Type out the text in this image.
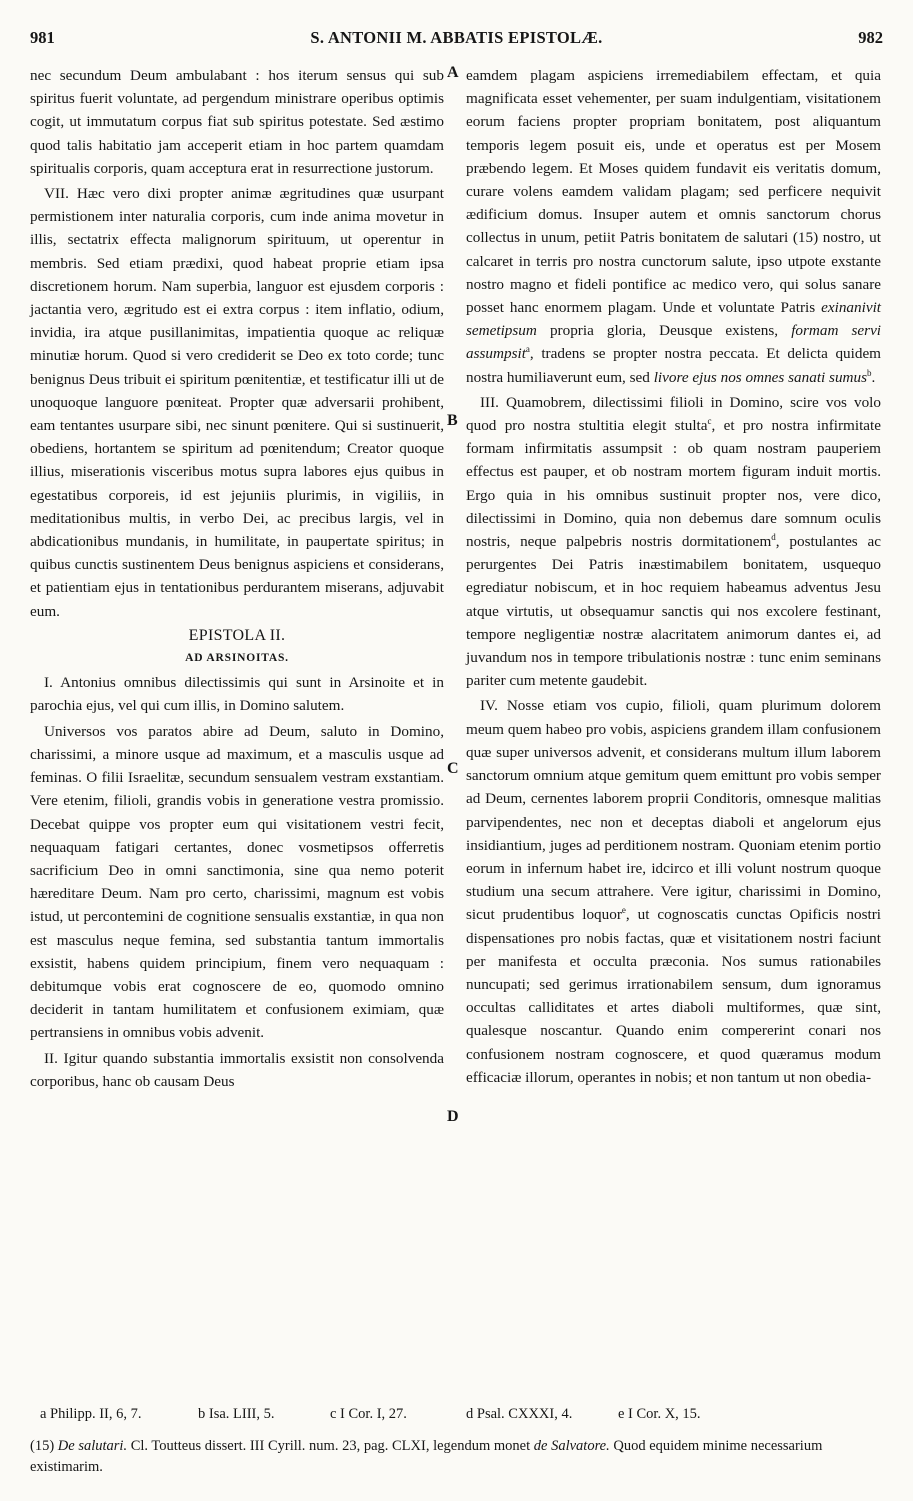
981	S. ANTONII M. ABBATIS EPISTOLÆ.	982
A
B
C
D

nec secundum Deum ambulabant : hos iterum sensus qui sub spiritus fuerit voluntate, ad pergendum ministrare operibus optimis cogit, ut immutatum corpus fiat sub spiritus potestate. Sed æstimo quod talis habitatio jam acceperit etiam in hoc partem quamdam spiritualis corporis, quam acceptura erat in resurrectione justorum.

VII. Hæc vero dixi propter animæ ægritudines quæ usurpant permistionem inter naturalia corporis, cum inde anima movetur in illis, sectatrix effecta malignorum spirituum, ut operentur in membris. Sed etiam prædixi, quod habeat proprie etiam ipsa discretionem horum. Nam superbia, languor est ejusdem corporis : jactantia vero, ægritudo est ei extra corpus : item inflatio, odium, invidia, ira atque pusillanimitas, impatientia quoque ac reliquæ minutiæ horum. Quod si vero crediderit se Deo ex toto corde; tunc benignus Deus tribuit ei spiritum pœnitentiæ, et testificatur illi ut de unoquoque languore pœniteat. Propter quæ adversarii prohibent, eam tentantes usurpare sibi, nec sinunt pœnitere. Qui si sustinuerit, obediens, hortantem se spiritum ad pœnitendum; Creator quoque illius, miserationis visceribus motus supra labores ejus quibus in egestatibus corporeis, id est jejuniis plurimis, in vigiliis, in meditationibus multis, in verbo Dei, ac precibus largis, vel in abdicationibus mundanis, in humilitate, in paupertate spiritus; in quibus cunctis sustinentem Deus benignus aspiciens et considerans, et patientiam ejus in tentationibus perdurantem miserans, adjuvabit eum.

EPISTOLA II.
AD ARSINOITAS.

I. Antonius omnibus dilectissimis qui sunt in Arsinoite et in parochia ejus, vel qui cum illis, in Domino salutem.

Universos vos paratos abire ad Deum, saluto in Domino, charissimi, a minore usque ad maximum, et a masculis usque ad feminas. O filii Israelitæ, secundum sensualem vestram exstantiam. Vere etenim, filioli, grandis vobis in generatione vestra promissio. Decebat quippe vos propter eum qui visitationem vestri fecit, nequaquam fatigari certantes, donec vosmetipsos offerretis sacrificium Deo in omni sanctimonia, sine qua nemo poterit hæreditare Deum. Nam pro certo, charissimi, magnum est vobis istud, ut percontemini de cognitione sensualis exstantiæ, in qua non est masculus neque femina, sed substantia tantum immortalis exsistit, habens quidem principium, finem vero nequaquam : debitumque vobis erat cognoscere de eo, quomodo omnino deciderit in tantam humilitatem et confusionem eximiam, quæ pertransiens in omnibus vobis advenit.

II. Igitur quando substantia immortalis exsistit non consolvenda corporibus, hanc ob causam Deus

eamdem plagam aspiciens irremediabilem effectam, et quia magnificata esset vehementer, per suam indulgentiam, visitationem eorum faciens propter propriam bonitatem, post aliquantum temporis legem posuit eis, unde et operatus est per Mosem præbendo legem. Et Moses quidem fundavit eis veritatis domum, curare volens eamdem validam plagam; sed perficere nequivit ædificium domus. Insuper autem et omnis sanctorum chorus collectus in unum, petiit Patris bonitatem de salutari (15) nostro, ut calcaret in terris pro nostra cunctorum salute, ipso utpote exstante nostro magno et fideli pontifice ac medico vero, qui solus sanare posset hanc enormem plagam. Unde et voluntate Patris exinanivit semetipsum propria gloria, Deusque existens, formam servi assumpsit$^a$, tradens se propter nostra peccata. Et delicta quidem nostra humiliaverunt eum, sed livore ejus nos omnes sanati sumus$^b$.

III. Quamobrem, dilectissimi filioli in Domino, scire vos volo quod pro nostra stultitia elegit stulta$^c$, et pro nostra infirmitate formam infirmitatis assumpsit : ob quam nostram pauperiem effectus est pauper, et ob nostram mortem figuram induit mortis. Ergo quia in his omnibus sustinuit propter nos, vere dico, dilectissimi in Domino, quia non debemus dare somnum oculis nostris, neque palpebris nostris dormitationem$^d$, postulantes ac perurgentes Dei Patris inæstimabilem bonitatem, usquequo egrediatur nobiscum, et in hoc requiem habeamus adventus Jesu atque virtutis, ut obsequamur sanctis qui nos excolere festinant, tempore negligentiæ nostræ alacritatem animorum dantes ei, ad juvandum nos in tempore tribulationis nostræ : tunc enim seminans pariter cum metente gaudebit.

IV. Nosse etiam vos cupio, filioli, quam plurimum dolorem meum quem habeo pro vobis, aspiciens grandem illam confusionem quæ super universos advenit, et considerans multum illum laborem sanctorum omnium atque gemitum quem emittunt pro vobis semper ad Deum, cernentes laborem proprii Conditoris, omnesque malitias parvipendentes, nec non et deceptas diaboli et angelorum ejus insidiantium, juges ad perditionem nostram. Quoniam etenim portio eorum in infernum habet ire, idcirco et illi volunt nostrum quoque studium una secum attrahere. Vere igitur, charissimi in Domino, sicut prudentibus loquor$^e$, ut cognoscatis cunctas Opificis nostri dispensationes pro nobis factas, quæ et visitationem nostri faciunt per manifesta et occulta præconia. Nos sumus rationabiles nuncupati; sed gerimus irrationabilem sensum, dum ignoramus occultas calliditates et artes diaboli multiformes, quæ sint, qualesque noscantur. Quando enim compererint conari nos confusionem nostram cognoscere, et quod quæramus modum efficaciæ illorum, operantes in nobis; et non tantum ut non obedia-

a Philipp. II, 6, 7.	b Isa. LIII, 5.	c I Cor. I, 27.	d Psal. CXXXI, 4.	e I Cor. X, 15.

(15) De salutari. Cl. Toutteus dissert. III Cyrill. num. 23, pag. CLXI, legendum monet de Salvatore. Quod equidem minime necessarium existimarim.
